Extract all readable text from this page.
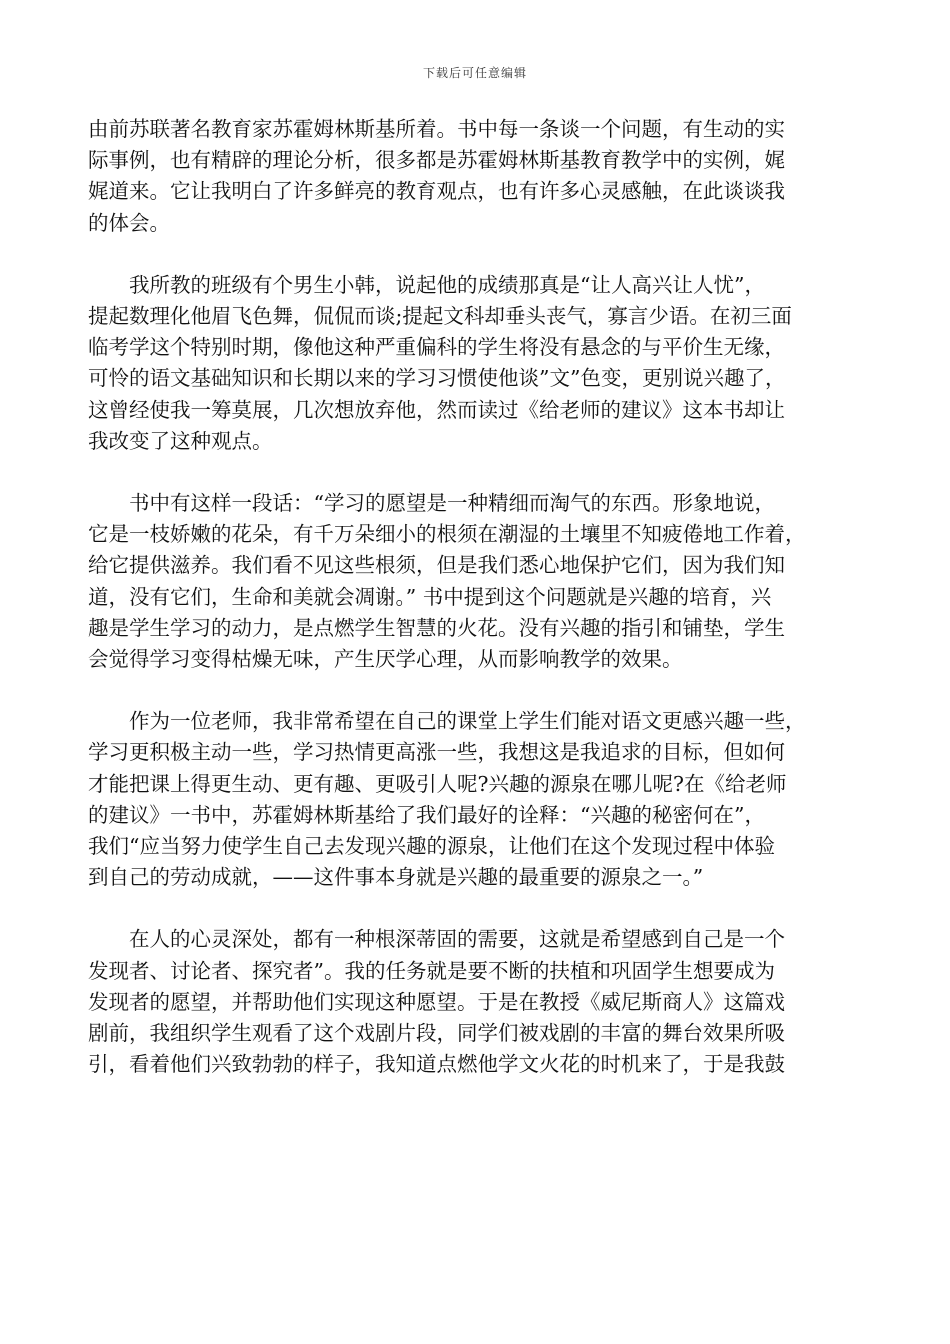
下载后可任意编辑

由前苏联著名教育家苏霍姆林斯基所着。书中每一条谈一个问题，有生动的实
际事例，也有精辟的理论分析，很多都是苏霍姆林斯基教育教学中的实例，娓
娓道来。它让我明白了许多鲜亮的教育观点，也有许多心灵感触，在此谈谈我
的体会。

我所教的班级有个男生小韩，说起他的成绩那真是“让人高兴让人忧”，
提起数理化他眉飞色舞，侃侃而谈;提起文科却垂头丧气，寡言少语。在初三面
临考学这个特别时期，像他这种严重偏科的学生将没有悬念的与平价生无缘，
可怜的语文基础知识和长期以来的学习习惯使他谈”文”色变，更别说兴趣了，
这曾经使我一筹莫展，几次想放弃他，然而读过《给老师的建议》这本书却让
我改变了这种观点。

书中有这样一段话：“学习的愿望是一种精细而淘气的东西。形象地说，
它是一枝娇嫩的花朵，有千万朵细小的根须在潮湿的土壤里不知疲倦地工作着，
给它提供滋养。我们看不见这些根须，但是我们悉心地保护它们，因为我们知
道，没有它们，生命和美就会凋谢。” 书中提到这个问题就是兴趣的培育，兴
趣是学生学习的动力，是点燃学生智慧的火花。没有兴趣的指引和铺垫，学生
会觉得学习变得枯燥无味，产生厌学心理，从而影响教学的效果。

作为一位老师，我非常希望在自己的课堂上学生们能对语文更感兴趣一些，
学习更积极主动一些，学习热情更高涨一些，我想这是我追求的目标，但如何
才能把课上得更生动、更有趣、更吸引人呢?兴趣的源泉在哪儿呢?在《给老师
的建议》一书中，苏霍姆林斯基给了我们最好的诠释：“兴趣的秘密何在”，
我们“应当努力使学生自己去发现兴趣的源泉，让他们在这个发现过程中体验
到自己的劳动成就，——这件事本身就是兴趣的最重要的源泉之一。”

在人的心灵深处，都有一种根深蒂固的需要，这就是希望感到自己是一个
发现者、讨论者、探究者”。我的任务就是要不断的扶植和巩固学生想要成为
发现者的愿望，并帮助他们实现这种愿望。于是在教授《威尼斯商人》这篇戏
剧前，我组织学生观看了这个戏剧片段，同学们被戏剧的丰富的舞台效果所吸
引，看着他们兴致勃勃的样子，我知道点燃他学文火花的时机来了，于是我鼓
